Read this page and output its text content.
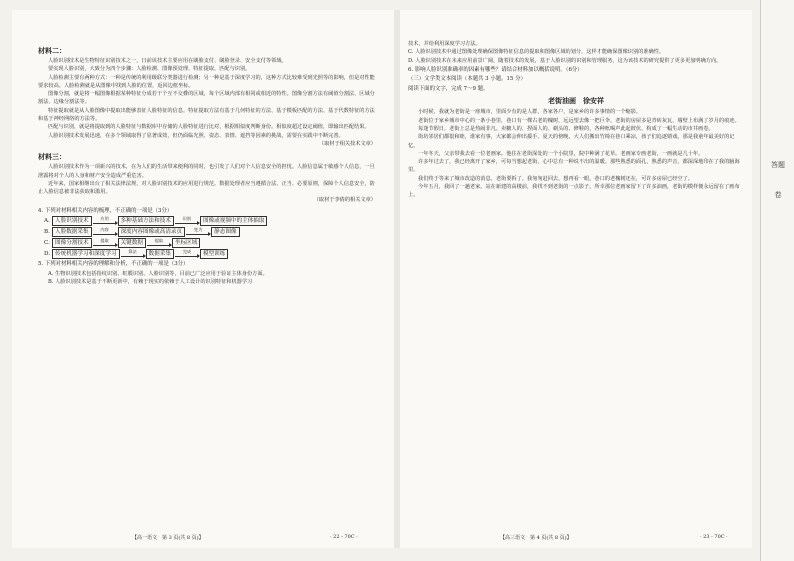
材料二：

人脸识别技术是生物特征识别技术之一，日前该技术主要应用在刷脸支付、刷脸登录、安全支付等领域。

要实现人脸识别，大致分为四个步骤：人脸检测、图像预处理、特征提取、匹配与识别。

人脸检测主要有两种方式：一种是传统的利用级联分类器进行检测；另一种是基于深度学习的，这种方式比较难受到光照等的影响，但是对性能要求较高。人脸检测就是从图像中找到人脸的位置，返回边框坐标。

图像分割，就是将一幅图像根据某种特征分成若干个互不交叠的区域，每个区域内部有相同或相近的特性。图像分割方法有阈值分割法、区域分割法、边缘分割法等。

特征提取就是从人脸图像中提取出能够表征人脸特征的信息。特征提取方法有基于几何特征的方法、基于模板匹配的方法、基于代数特征的方法和基于神经网络的方法等。

匹配与识别，就是将提取到的人脸特征与数据库中存储的人脸特征进行比对，根据相似度判断身份。相似度超过设定阈值，即输出匹配结果。

人脸识别技术发展迅速，在多个领域取得了显著成效，但仍面临光照、姿态、表情、遮挡等因素的挑战，需要在实践中不断完善。

（取材于相关技术文章）
材料三：

人脸识别技术作为一项新兴的技术，在为人们的生活带来便利的同时，也引发了人们对个人信息安全的担忧。人脸信息属于敏感个人信息，一旦泄露将对个人的人身和财产安全造成严重危害。

近年来，国家相继出台了相关法律法规，对人脸识别技术的应用进行规范。数据处理者应当遵循合法、正当、必要原则，保障个人信息安全，防止人脸信息被非法获取和滥用。

（取材于李倩的相关文章）
4. 下列对材料相关内容的梳理，不正确的一项是（3分）
A. 人脸识别技术	应用	多种基础方法和技术	识别	图像或视频中的主体抽取
B. 人脸数据采集	内容	深度内容图像或高清录页	变为	静态图像
C. 图像分割技术	提取	关键数据	提取	坐标区域
D. 传统机器学习和深度学习	算法	数据采集	完成	模型训练
5. 下列对材料相关内容的理解和分析，不正确的一项是（3分）

A. 生物识别技术包括指纹识别、虹膜识别、人脸识别等，目前已广泛应用于验证主体身份方面。

B. 人脸识别技术是基于不断更新中，有赖于现实的依赖于人工设计的识别特征和机器学习

【高一语文　第 3 页(共 8 页)】	· 22 - 70C ·

技术，并给利用深度学习方法。

C. 人脸识别技术中通过图像处理确保图像特征信息的提取和图像区域的划分，这样才能确保图像识别的准确性。

D. 人脸识别技术在未来应用前景广阔，随着技术的发展，基于人脸识别的识别和管理服务，这为该技术的研究提供了更多更加明确方向。

6. 影响人脸识别准确率的因素有哪些？请结合材料加以概括说明。（6分）
（三）文学类文本阅读（本题共 3 小题，15 分）
阅读下面的文字，完成 7～9 题。
老街油画　徐安祥

小时候，我就为老街是一座城市，里面少有的是人群，各家各户，是家乡的许多事情的一个缩影。

老街位于家乡城市中心的一条小巷里，巷口有一棵古老的槐树，远远望去像一把巨伞。老街的房屋多是青砖灰瓦，墙壁上布满了岁月的痕迹。

每逢节假日，老街上总是热闹非凡。卖糖人的、捏面人的、剃头的、修鞋的，各种吆喝声此起彼伏，构成了一幅生动的市井画卷。

街坊邻居们都很和睦，谁家有事，大家都会伸出援手。夏天的傍晚，大人们搬出竹椅在巷口乘凉，孩子们追逐嬉戏，那是我童年最美好的记忆。

一年冬天，父亲带我去看一位老画家。他住在老街深处的一个小院里，院中种满了花草。老画家专画老街，一画就是几十年。

许多年过去了，我已经离开了家乡，可每当想起老街，心中总有一种说不出的温暖。那些熟悉的面孔、熟悉的声音，都深深地印在了我的脑海里。

我们终于等来了城市改造的消息，老街要拆了。我匆匆赶回去，想再看一眼。巷口的老槐树还在，可许多房屋已经空了。

今年五月，我回了一趟老家。站在新建的高楼前，我找不到老街的一点影子。所幸那位老画家留下了许多油画，老街的模样便永远留在了画布上。

【高三语文　第 4 页(共 8 页)】	· 23 - 70C ·
答题卷
